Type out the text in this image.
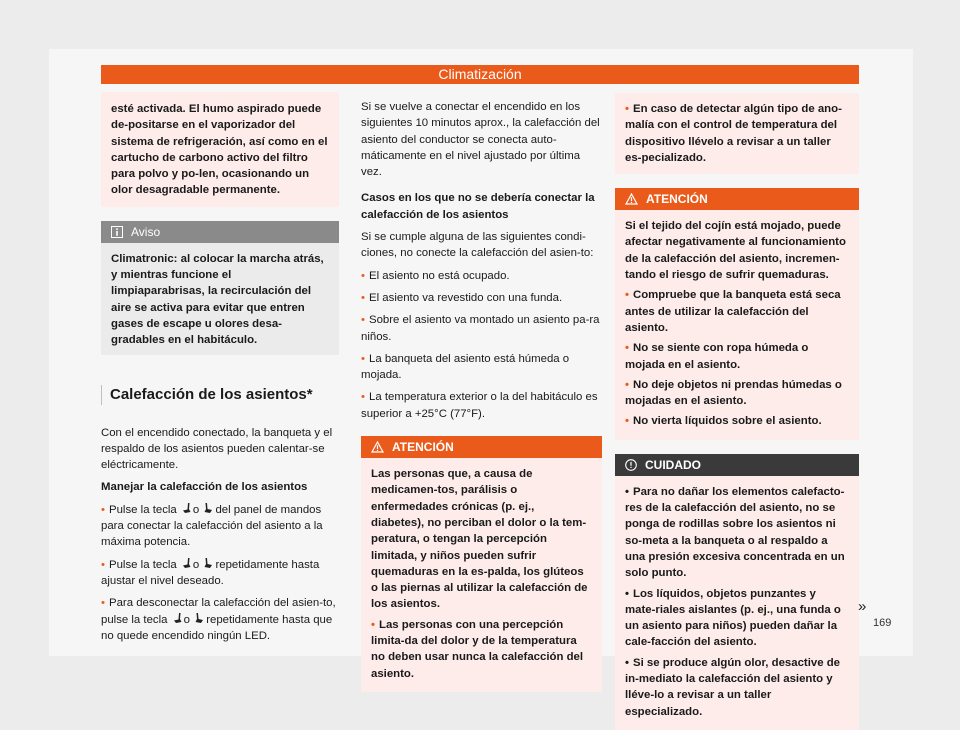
Climatización
esté activada. El humo aspirado puede de-positarse en el vaporizador del sistema de refrigeración, así como en el cartucho de carbono activo del filtro para polvo y po-len, ocasionando un olor desagradable permanente.
Aviso
Climatronic: al colocar la marcha atrás, y mientras funcione el limpiaparabrisas, la recirculación del aire se activa para evitar que entren gases de escape u olores desa-gradables en el habitáculo.
Calefacción de los asientos*

Con el encendido conectado, la banqueta y el respaldo de los asientos pueden calentar-se eléctricamente.

Manejar la calefacción de los asientos

• Pulse la tecla o del panel de mandos para conectar la calefacción del asiento a la máxima potencia.

• Pulse la tecla o repetidamente hasta ajustar el nivel deseado.

• Para desconectar la calefacción del asien-to, pulse la tecla o repetidamente hasta que no quede encendido ningún LED.

Si se vuelve a conectar el encendido en los siguientes 10 minutos aprox., la calefacción del asiento del conductor se conecta auto-máticamente en el nivel ajustado por última vez.

Casos en los que no se debería conectar la calefacción de los asientos

Si se cumple alguna de las siguientes condi-ciones, no conecte la calefacción del asien-to:

• El asiento no está ocupado.

• El asiento va revestido con una funda.

• Sobre el asiento va montado un asiento pa-ra niños.

• La banqueta del asiento está húmeda o mojada.

• La temperatura exterior o la del habitáculo es superior a +25°C (77°F).

ATENCIÓN

Las personas que, a causa de medicamen-tos, parálisis o enfermedades crónicas (p. ej., diabetes), no perciban el dolor o la tem-peratura, o tengan la percepción limitada, y niños pueden sufrir quemaduras en la es-palda, los glúteos o las piernas al utilizar la calefacción de los asientos.

• Las personas con una percepción limita-da del dolor y de la temperatura no deben usar nunca la calefacción del asiento.

• En caso de detectar algún tipo de ano-malía con el control de temperatura del dispositivo llévelo a revisar a un taller es-pecializado.

ATENCIÓN

Si el tejido del cojín está mojado, puede afectar negativamente al funcionamiento de la calefacción del asiento, incremen-tando el riesgo de sufrir quemaduras.

• Compruebe que la banqueta está seca antes de utilizar la calefacción del asiento.

• No se siente con ropa húmeda o mojada en el asiento.

• No deje objetos ni prendas húmedas o mojadas en el asiento.

• No vierta líquidos sobre el asiento.

CUIDADO

• Para no dañar los elementos calefacto-res de la calefacción del asiento, no se ponga de rodillas sobre los asientos ni so-meta a la banqueta o al respaldo a una presión excesiva concentrada en un solo punto.

• Los líquidos, objetos punzantes y mate-riales aislantes (p. ej., una funda o un asiento para niños) pueden dañar la cale-facción del asiento.

• Si se produce algún olor, desactive de in-mediato la calefacción del asiento y lléve-lo a revisar a un taller especializado.

»
169
